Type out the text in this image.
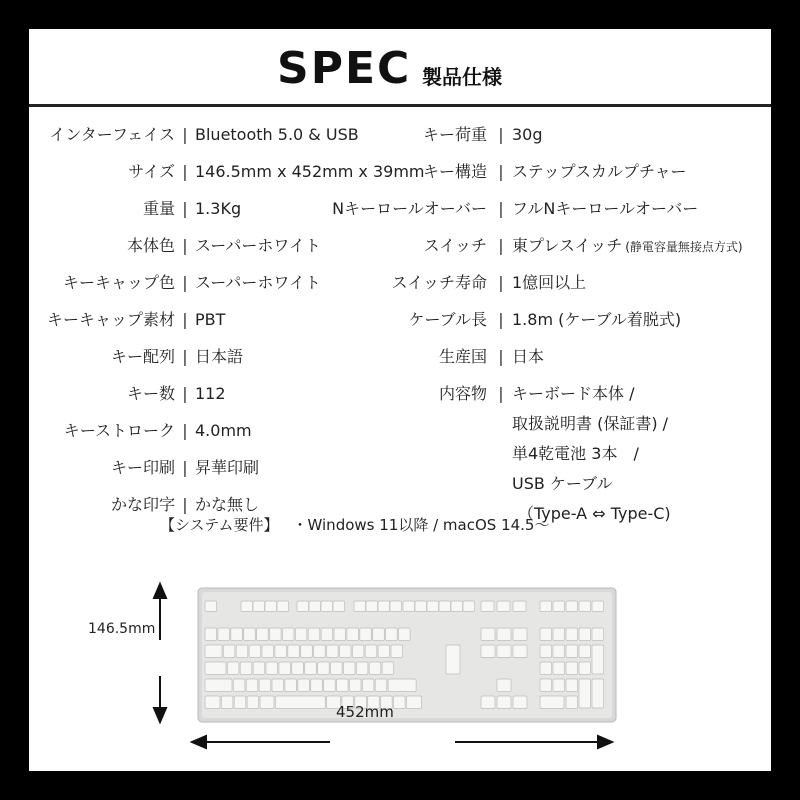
SPEC 製品仕様
インターフェイス | Bluetooth 5.0 & USB
サイズ | 146.5mm x 452mm x 39mm
重量 | 1.3Kg
本体色 | スーパーホワイト
キーキャップ色 | スーパーホワイト
キーキャップ素材 | PBT
キー配列 | 日本語
キー数 | 112
キーストローク | 4.0mm
キー印刷 | 昇華印刷
かな印字 | かな無し
キー荷重 | 30g
キー構造 | ステップスカルプチャー
Nキーロールオーバー | フルNキーロールオーバー
スイッチ | 東プレスイッチ (静電容量無接点方式)
スイッチ寿命 | 1億回以上
ケーブル長 | 1.8m (ケーブル着脱式)
生産国 | 日本
内容物 | キーボード本体 /
取扱説明書 (保証書) /
単4乾電池 3本　/
USB ケーブル
（Type-A ⇔ Type-C)
【システム要件】 ・Windows 11以降 / macOS 14.5〜
146.5mm
452mm
